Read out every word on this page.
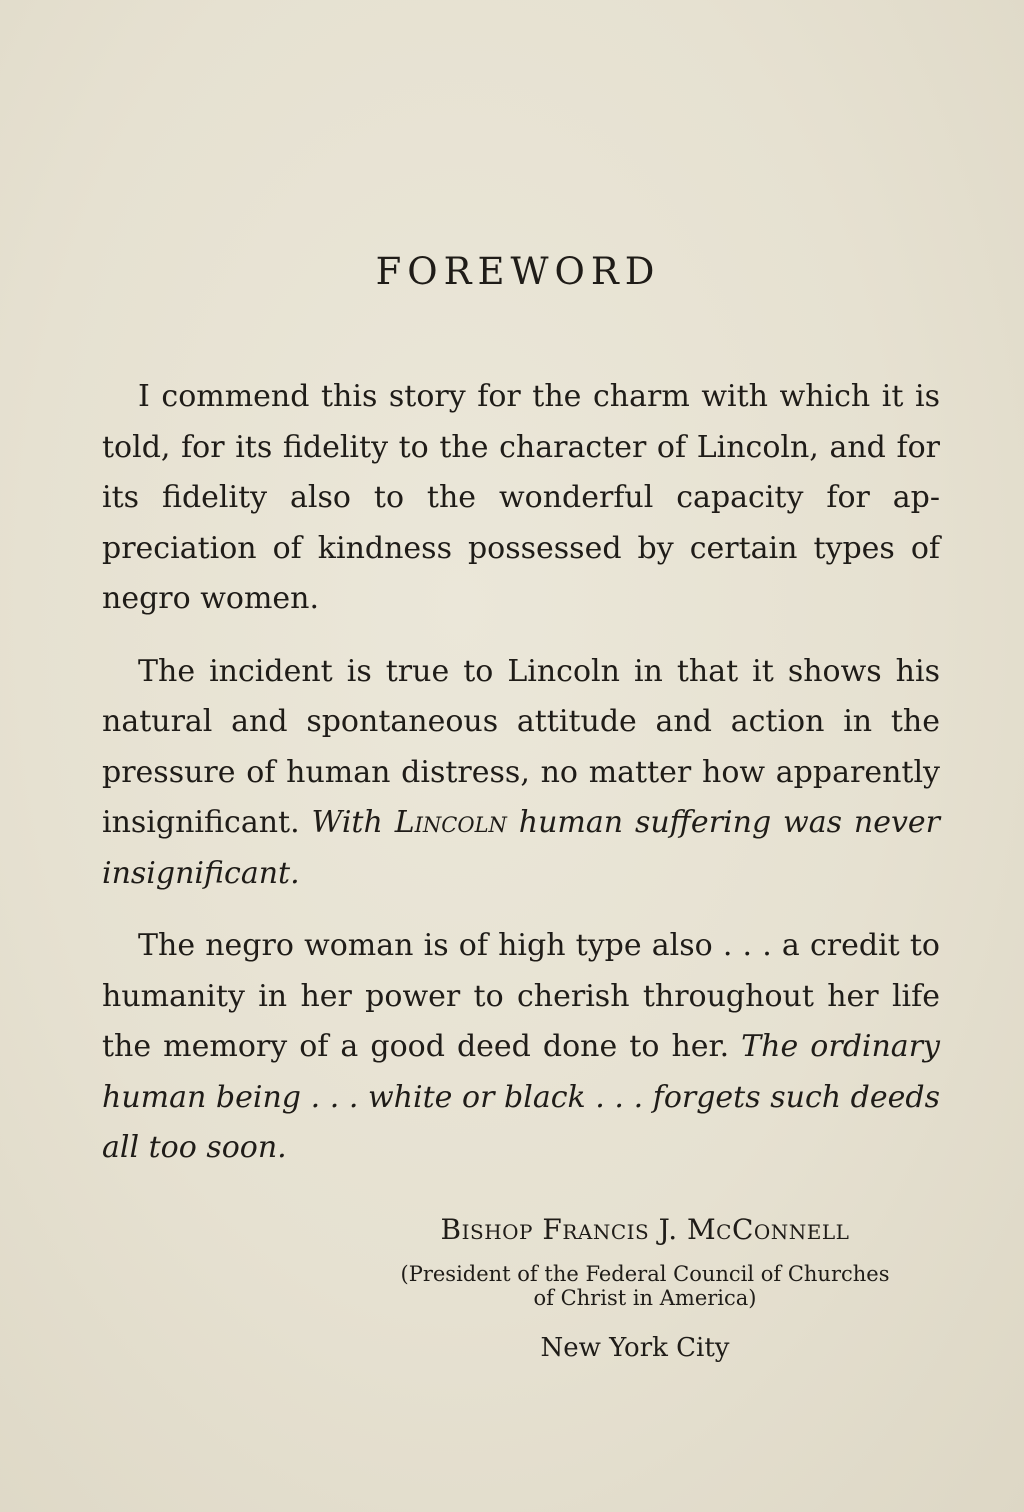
FOREWORD

I commend this story for the charm with which it is told, for its fidelity to the character of Lincoln, and for its fidelity also to the wonderful capacity for appreciation of kindness possessed by certain types of negro women.

The incident is true to Lincoln in that it shows his natural and spontaneous attitude and action in the pressure of human distress, no matter how apparently insignificant. With Lincoln human suffering was never insignificant.

The negro woman is of high type also . . . a credit to humanity in her power to cherish throughout her life the memory of a good deed done to her. The ordinary human being . . . white or black . . . forgets such deeds all too soon.

Bishop Francis J. McConnell

(President of the Federal Council of Churches
of Christ in America)

New York City
